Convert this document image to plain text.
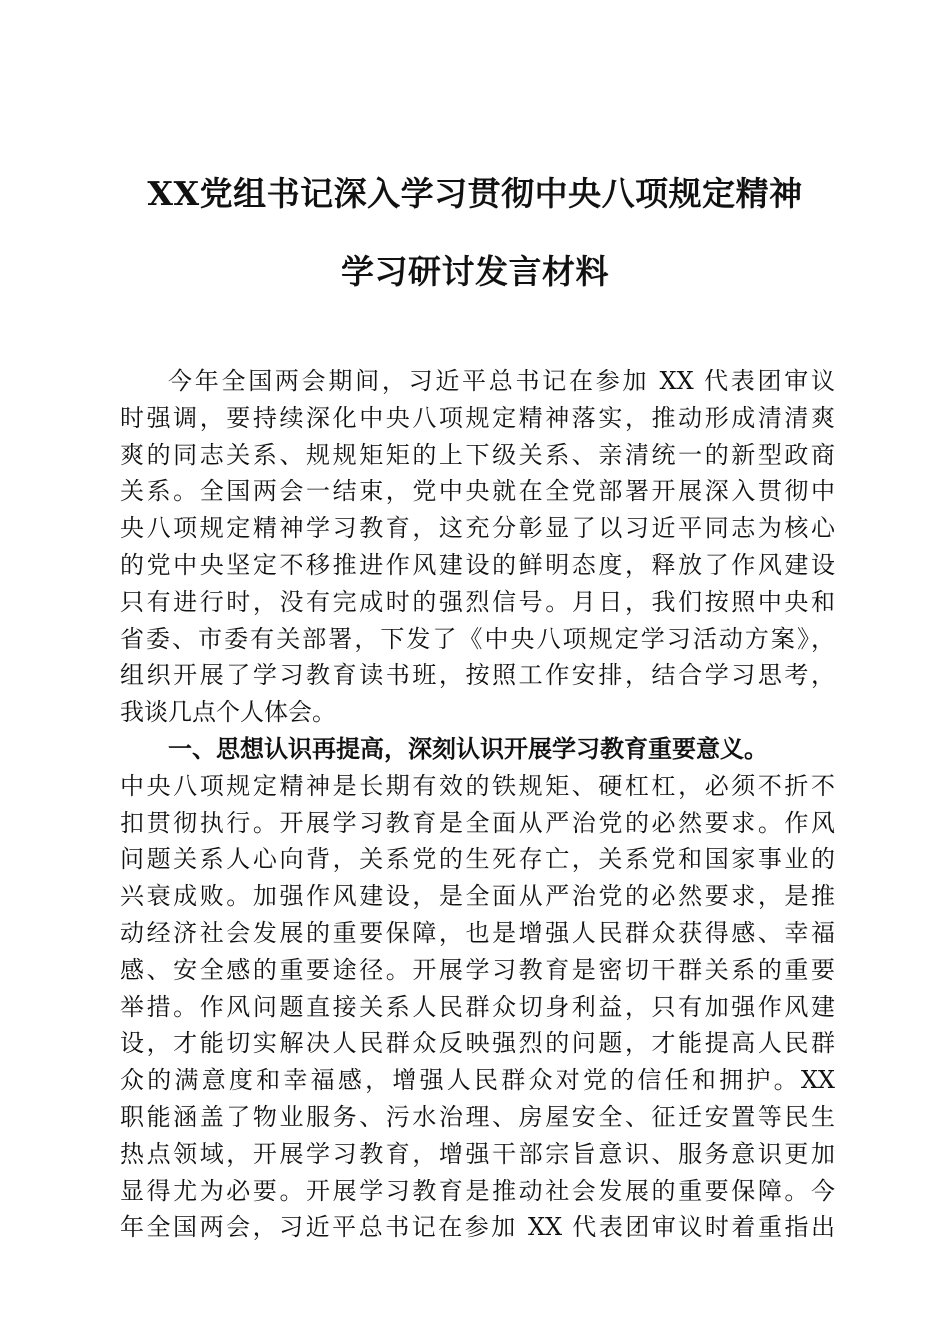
XX党组书记深入学习贯彻中央八项规定精神
学习研讨发言材料
今年全国两会期间，习近平总书记在参加 XX 代表团审议
时强调，要持续深化中央八项规定精神落实，推动形成清清爽
爽的同志关系、规规矩矩的上下级关系、亲清统一的新型政商
关系。全国两会一结束，党中央就在全党部署开展深入贯彻中
央八项规定精神学习教育，这充分彰显了以习近平同志为核心
的党中央坚定不移推进作风建设的鲜明态度，释放了作风建设
只有进行时，没有完成时的强烈信号。月日，我们按照中央和
省委、市委有关部署，下发了《中央八项规定学习活动方案》，
组织开展了学习教育读书班，按照工作安排，结合学习思考，
我谈几点个人体会。
一、思想认识再提高，深刻认识开展学习教育重要意义。
中央八项规定精神是长期有效的铁规矩、硬杠杠，必须不折不
扣贯彻执行。开展学习教育是全面从严治党的必然要求。作风
问题关系人心向背，关系党的生死存亡，关系党和国家事业的
兴衰成败。加强作风建设，是全面从严治党的必然要求，是推
动经济社会发展的重要保障，也是增强人民群众获得感、幸福
感、安全感的重要途径。开展学习教育是密切干群关系的重要
举措。作风问题直接关系人民群众切身利益，只有加强作风建
设，才能切实解决人民群众反映强烈的问题，才能提高人民群
众的满意度和幸福感，增强人民群众对党的信任和拥护。XX
职能涵盖了物业服务、污水治理、房屋安全、征迁安置等民生
热点领域，开展学习教育，增强干部宗旨意识、服务意识更加
显得尤为必要。开展学习教育是推动社会发展的重要保障。今
年全国两会，习近平总书记在参加 XX 代表团审议时着重指出
